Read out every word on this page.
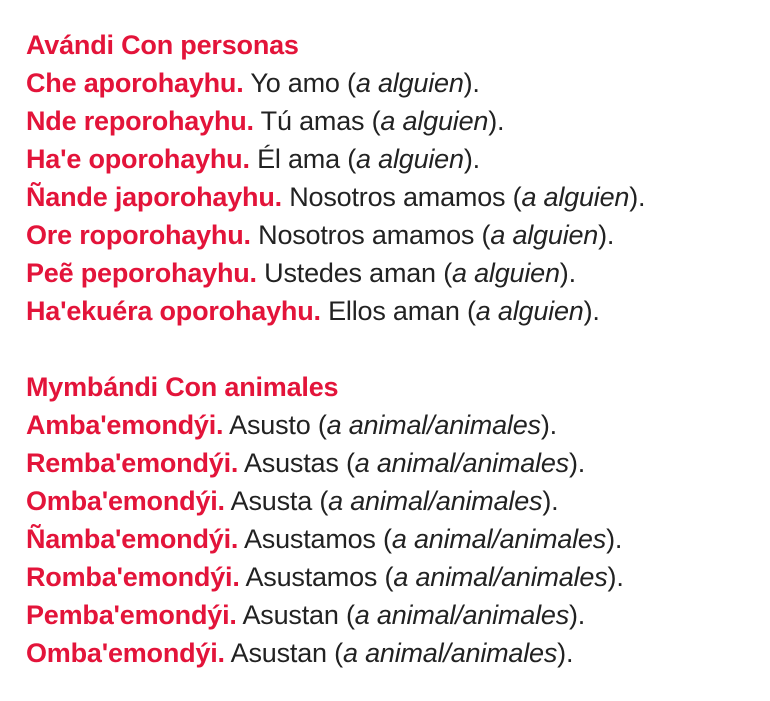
Avándi Con personas
Che aporohayhu. Yo amo (a alguien).
Nde reporohayhu. Tú amas (a alguien).
Ha'e oporohayhu. Él ama (a alguien).
Ñande japorohayhu. Nosotros amamos (a alguien).
Ore roporohayhu. Nosotros amamos (a alguien).
Peẽ peporohayhu. Ustedes aman (a alguien).
Ha'ekuéra oporohayhu. Ellos aman (a alguien).
Mymbándi Con animales
Amba'emondýi. Asusto (a animal/animales).
Remba'emondýi. Asustas (a animal/animales).
Omba'emondýi. Asusta (a animal/animales).
Ñamba'emondýi. Asustamos (a animal/animales).
Romba'emondýi. Asustamos (a animal/animales).
Pemba'emondýi. Asustan (a animal/animales).
Omba'emondýi. Asustan (a animal/animales).
